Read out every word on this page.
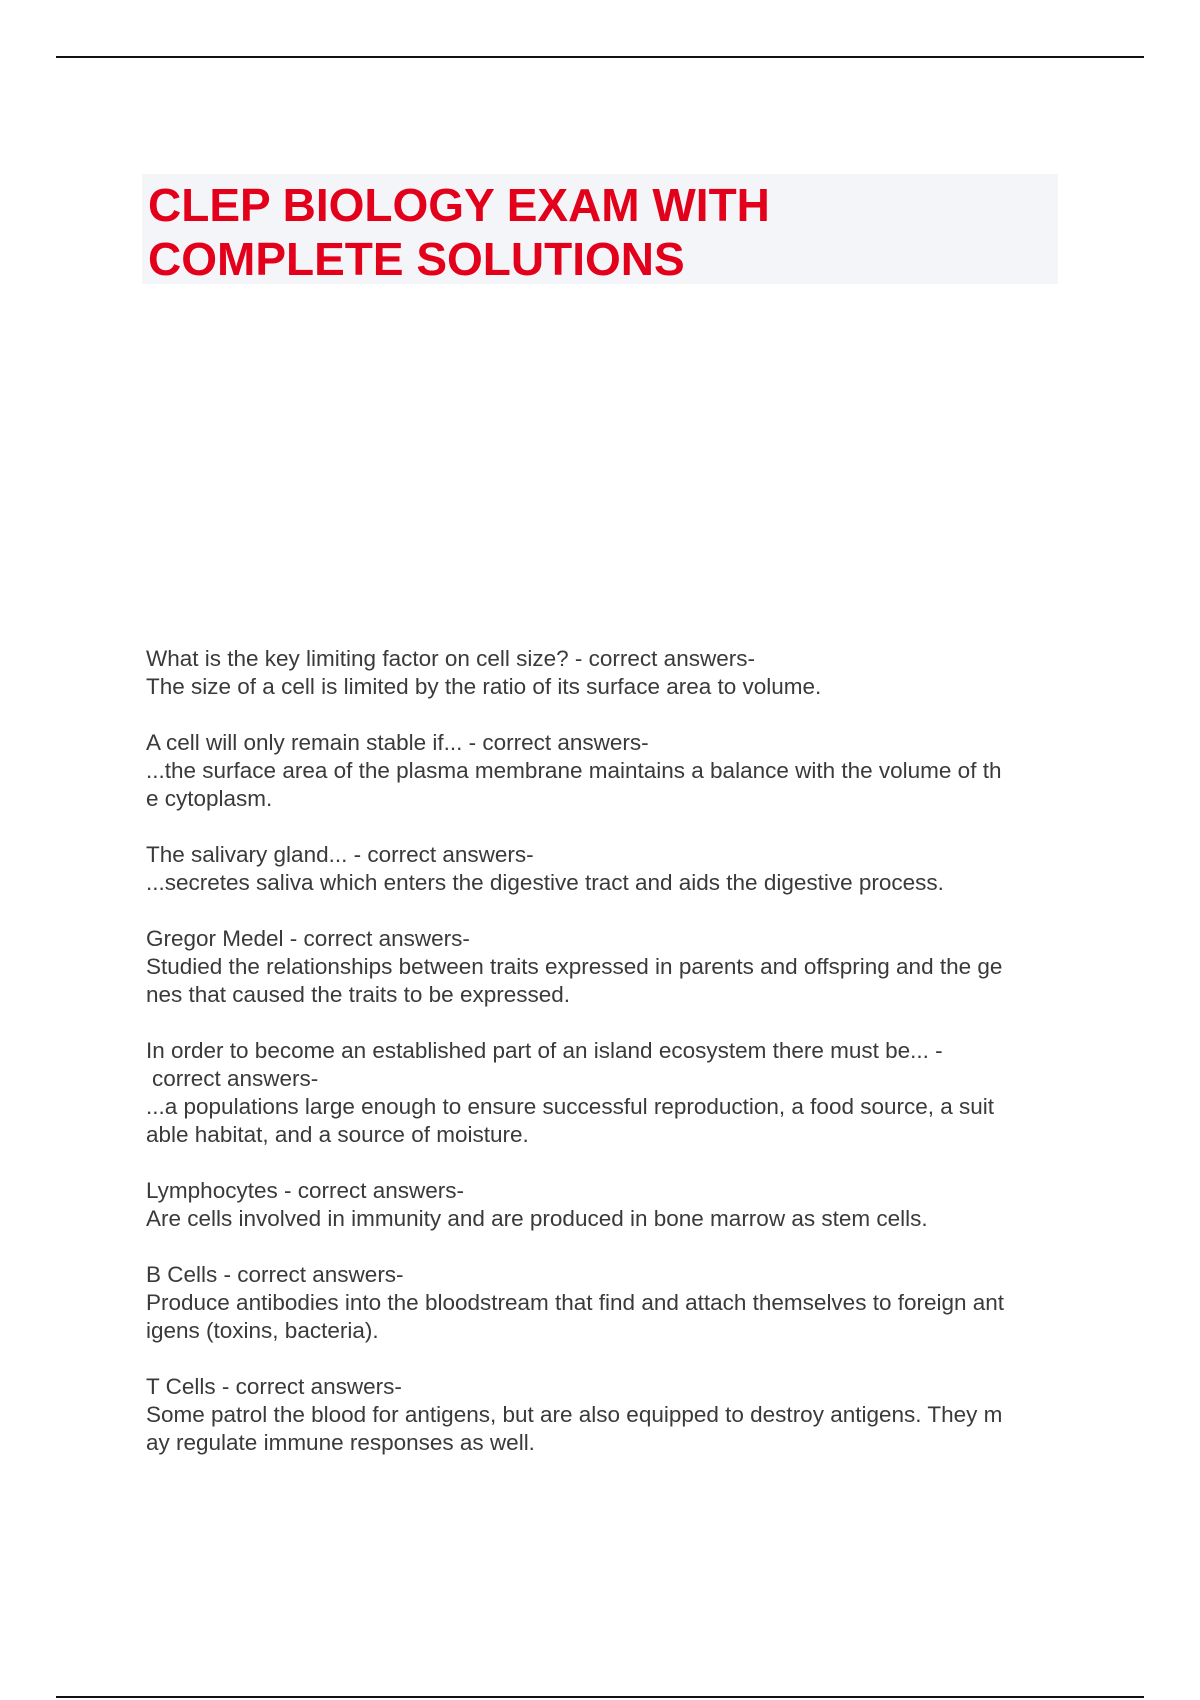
CLEP BIOLOGY EXAM WITH
COMPLETE SOLUTIONS
What is the key limiting factor on cell size? - correct answers-
The size of a cell is limited by the ratio of its surface area to volume.
A cell will only remain stable if... - correct answers-
...the surface area of the plasma membrane maintains a balance with the volume of th
e cytoplasm.
The salivary gland... - correct answers-
...secretes saliva which enters the digestive tract and aids the digestive process.
Gregor Medel - correct answers-
Studied the relationships between traits expressed in parents and offspring and the ge
nes that caused the traits to be expressed.
In order to become an established part of an island ecosystem there must be... -
correct answers-
...a populations large enough to ensure successful reproduction, a food source, a suit
able habitat, and a source of moisture.
Lymphocytes - correct answers-
Are cells involved in immunity and are produced in bone marrow as stem cells.
B Cells - correct answers-
Produce antibodies into the bloodstream that find and attach themselves to foreign ant
igens (toxins, bacteria).
T Cells - correct answers-
Some patrol the blood for antigens, but are also equipped to destroy antigens. They m
ay regulate immune responses as well.
